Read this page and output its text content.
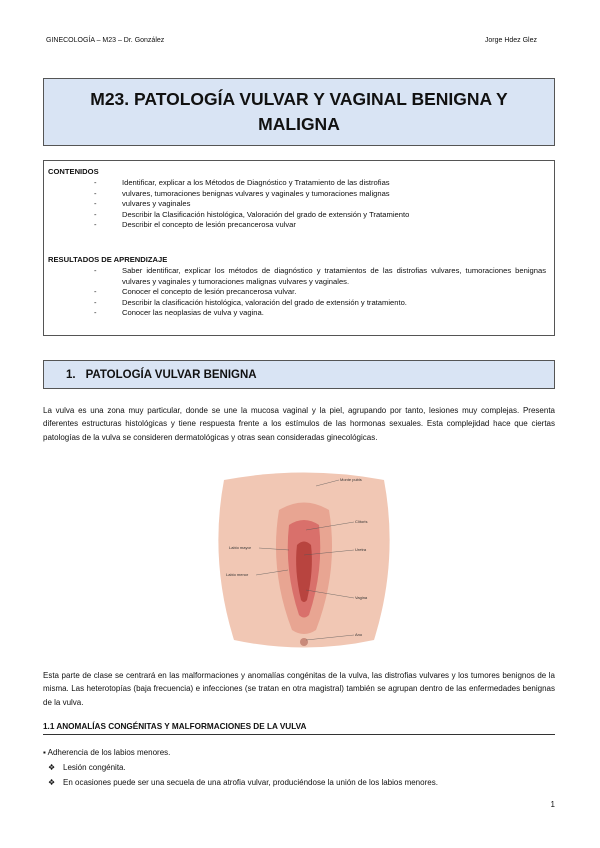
GINECOLOGÍA – M23 – Dr. González	Jorge Hdez Glez
M23. PATOLOGÍA VULVAR Y VAGINAL BENIGNA Y MALIGNA
CONTENIDOS
-	Identificar, explicar a los Métodos de Diagnóstico y Tratamiento de las distrofias
-	vulvares, tumoraciones benignas vulvares y vaginales y tumoraciones malignas
-	vulvares y vaginales
-	Describir la Clasificación histológica, Valoración del grado de extensión y Tratamiento
-	Describir el concepto de lesión precancerosa vulvar
RESULTADOS DE APRENDIZAJE
-	Saber identificar, explicar los métodos de diagnóstico y tratamientos de las distrofias vulvares, tumoraciones benignas vulvares y vaginales y tumoraciones malignas vulvares y vaginales.
-	Conocer el concepto de lesión precancerosa vulvar.
-	Describir la clasificación histológica, valoración del grado de extensión y tratamiento.
-	Conocer las neoplasias de vulva y vagina.
1. PATOLOGÍA VULVAR BENIGNA
La vulva es una zona muy particular, donde se une la mucosa vaginal y la piel, agrupando por tanto, lesiones muy complejas. Presenta diferentes estructuras histológicas y tiene respuesta frente a los estímulos de las hormonas sexuales. Esta complejidad hace que ciertas patologías de la vulva se consideren dermatológicas y otras sean consideradas ginecológicas.
Monte pubis
Clítoris
Labio mayor	Uretra
Labio menor
Vagina
Ano
Esta parte de clase se centrará en las malformaciones y anomalías congénitas de la vulva, las distrofias vulvares y los tumores benignos de la misma. Las heterotopías (baja frecuencia) e infecciones (se tratan en otra magistral) también se agrupan dentro de las enfermedades benignas de la vulva.
1.1 ANOMALÍAS CONGÉNITAS Y MALFORMACIONES DE LA VULVA
▪ Adherencia de los labios menores.
❖ Lesión congénita.
❖ En ocasiones puede ser una secuela de una atrofia vulvar, produciéndose la unión de los labios menores.
1
